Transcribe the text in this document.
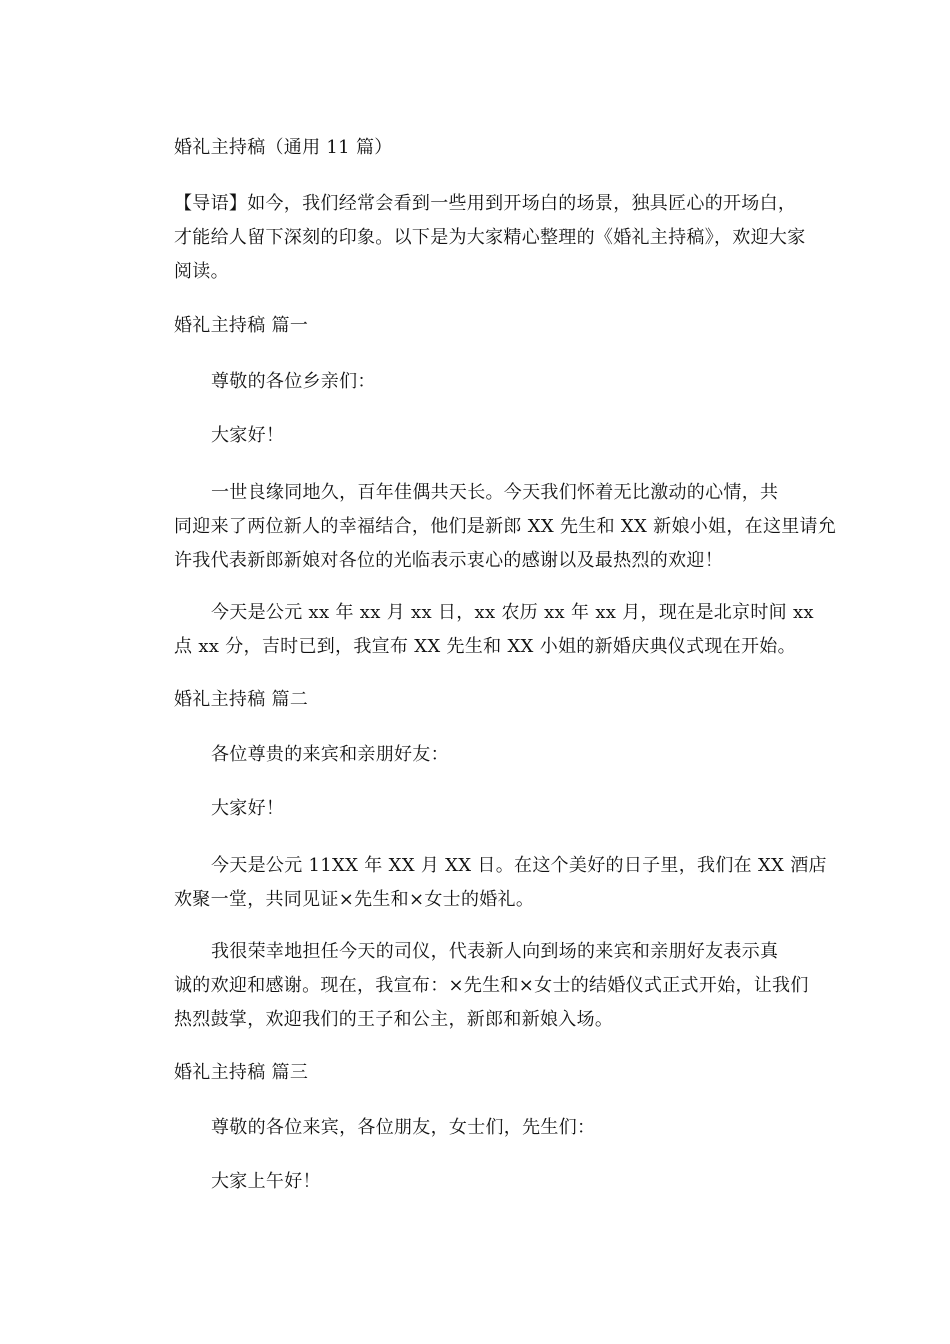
婚礼主持稿（通用 11 篇）
【导语】如今，我们经常会看到一些用到开场白的场景，独具匠心的开场白，
才能给人留下深刻的印象。以下是为大家精心整理的《婚礼主持稿》，欢迎大家
阅读。
婚礼主持稿 篇一
尊敬的各位乡亲们：
大家好！
一世良缘同地久，百年佳偶共天长。今天我们怀着无比激动的心情，共
同迎来了两位新人的幸福结合，他们是新郎 XX 先生和 XX 新娘小姐，在这里请允
许我代表新郎新娘对各位的光临表示衷心的感谢以及最热烈的欢迎！
今天是公元 xx 年 xx 月 xx 日，xx 农历 xx 年 xx 月，现在是北京时间 xx
点 xx 分，吉时已到，我宣布 XX 先生和 XX 小姐的新婚庆典仪式现在开始。
婚礼主持稿 篇二
各位尊贵的来宾和亲朋好友：
大家好！
今天是公元 11XX 年 XX 月 XX 日。在这个美好的日子里，我们在 XX 酒店
欢聚一堂，共同见证×先生和×女士的婚礼。
我很荣幸地担任今天的司仪，代表新人向到场的来宾和亲朋好友表示真
诚的欢迎和感谢。现在，我宣布：×先生和×女士的结婚仪式正式开始，让我们
热烈鼓掌，欢迎我们的王子和公主，新郎和新娘入场。
婚礼主持稿 篇三
尊敬的各位来宾，各位朋友，女士们，先生们：
大家上午好！
